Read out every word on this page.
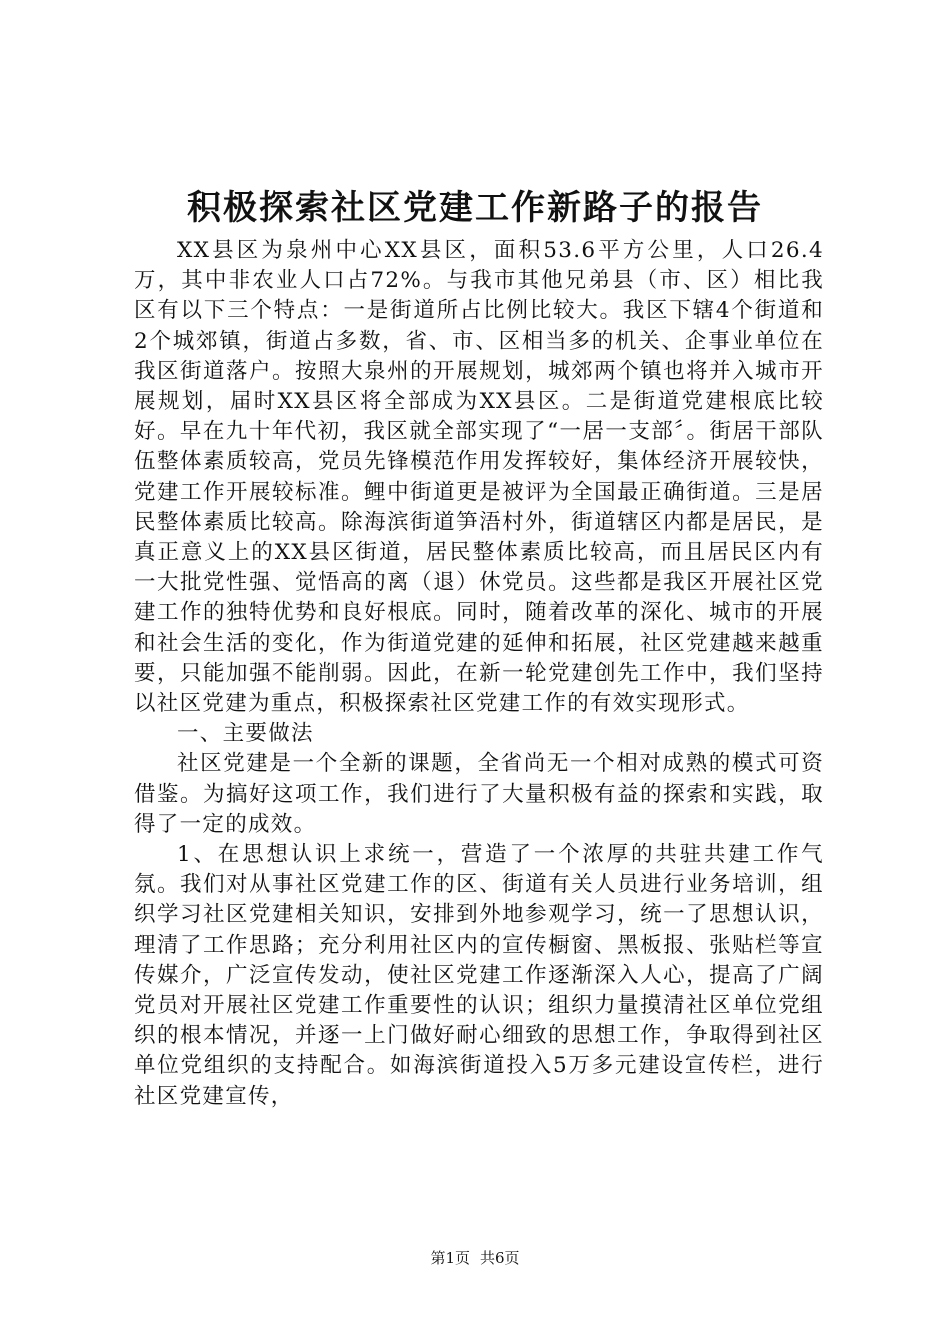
积极探索社区党建工作新路子的报告

XX县区为泉州中心XX县区，面积53.6平方公里，人口26.4万，其中非农业人口占72%。与我市其他兄弟县（市、区）相比我区有以下三个特点：一是街道所占比例比较大。我区下辖4个街道和2个城郊镇，街道占多数，省、市、区相当多的机关、企事业单位在我区街道落户。按照大泉州的开展规划，城郊两个镇也将并入城市开展规划，届时XX县区将全部成为XX县区。二是街道党建根底比较好。早在九十年代初，我区就全部实现了“一居一支部〞。街居干部队伍整体素质较高，党员先锋模范作用发挥较好，集体经济开展较快，党建工作开展较标准。鲤中街道更是被评为全国最正确街道。三是居民整体素质比较高。除海滨街道笋浯村外，街道辖区内都是居民，是真正意义上的XX县区街道，居民整体素质比较高，而且居民区内有一大批党性强、觉悟高的离（退）休党员。这些都是我区开展社区党建工作的独特优势和良好根底。同时，随着改革的深化、城市的开展和社会生活的变化，作为街道党建的延伸和拓展，社区党建越来越重要，只能加强不能削弱。因此，在新一轮党建创先工作中，我们坚持以社区党建为重点，积极探索社区党建工作的有效实现形式。

一、主要做法

社区党建是一个全新的课题，全省尚无一个相对成熟的模式可资借鉴。为搞好这项工作，我们进行了大量积极有益的探索和实践，取得了一定的成效。

1、在思想认识上求统一，营造了一个浓厚的共驻共建工作气氛。我们对从事社区党建工作的区、街道有关人员进行业务培训，组织学习社区党建相关知识，安排到外地参观学习，统一了思想认识，理清了工作思路；充分利用社区内的宣传橱窗、黑板报、张贴栏等宣传媒介，广泛宣传发动，使社区党建工作逐渐深入人心，提高了广阔党员对开展社区党建工作重要性的认识；组织力量摸清社区单位党组织的根本情况，并逐一上门做好耐心细致的思想工作，争取得到社区单位党组织的支持配合。如海滨街道投入5万多元建设宣传栏，进行社区党建宣传，

第1页 共6页
